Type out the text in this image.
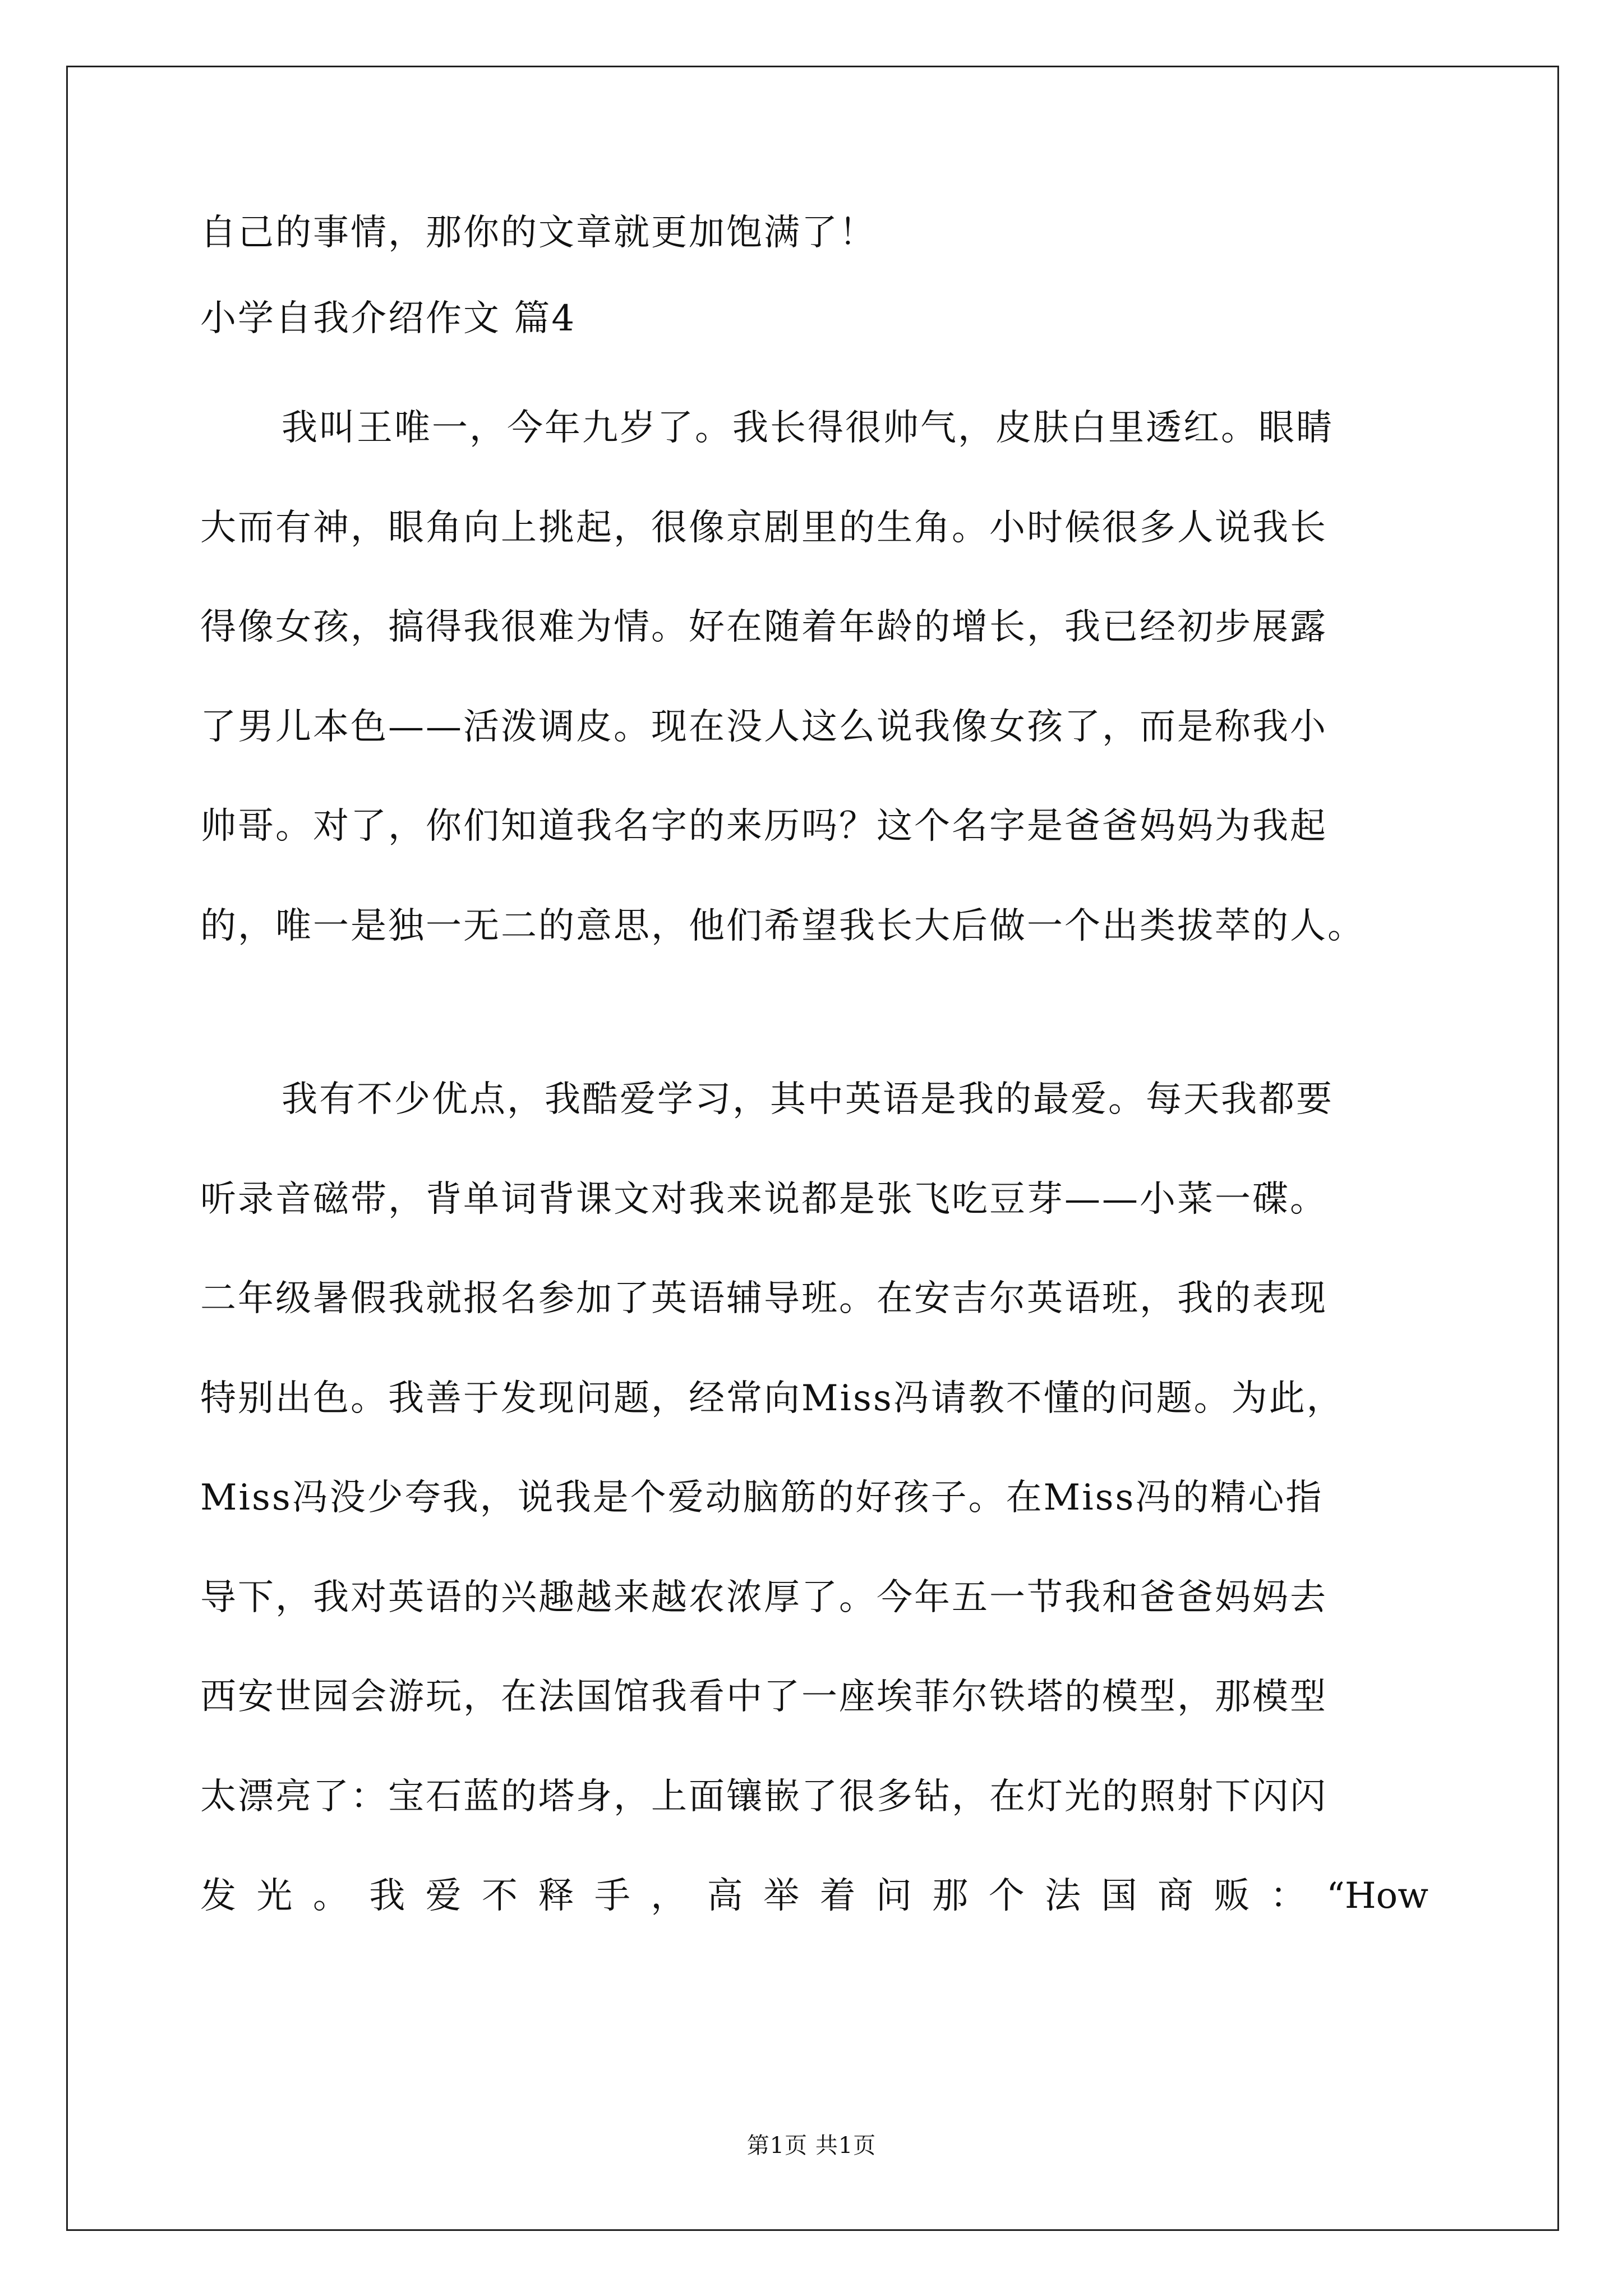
自己的事情，那你的文章就更加饱满了！
小学自我介绍作文 篇4
我叫王唯一，今年九岁了。我长得很帅气，皮肤白里透红。眼睛
大而有神，眼角向上挑起，很像京剧里的生角。小时候很多人说我长
得像女孩，搞得我很难为情。好在随着年龄的增长，我已经初步展露
了男儿本色——活泼调皮。现在没人这么说我像女孩了，而是称我小
帅哥。对了，你们知道我名字的来历吗？这个名字是爸爸妈妈为我起
的，唯一是独一无二的意思，他们希望我长大后做一个出类拔萃的人。
我有不少优点，我酷爱学习，其中英语是我的最爱。每天我都要
听录音磁带，背单词背课文对我来说都是张飞吃豆芽——小菜一碟。
二年级暑假我就报名参加了英语辅导班。在安吉尔英语班，我的表现
特别出色。我善于发现问题，经常向Miss冯请教不懂的问题。为此，
Miss冯没少夸我，说我是个爱动脑筋的好孩子。在Miss冯的精心指
导下，我对英语的兴趣越来越农浓厚了。今年五一节我和爸爸妈妈去
西安世园会游玩，在法国馆我看中了一座埃菲尔铁塔的模型，那模型
太漂亮了：宝石蓝的塔身，上面镶嵌了很多钻，在灯光的照射下闪闪
发 光 。 我 爱 不 释 手 ， 高 举 着 问 那 个 法 国 商 贩 ： “How
第1页 共1页
